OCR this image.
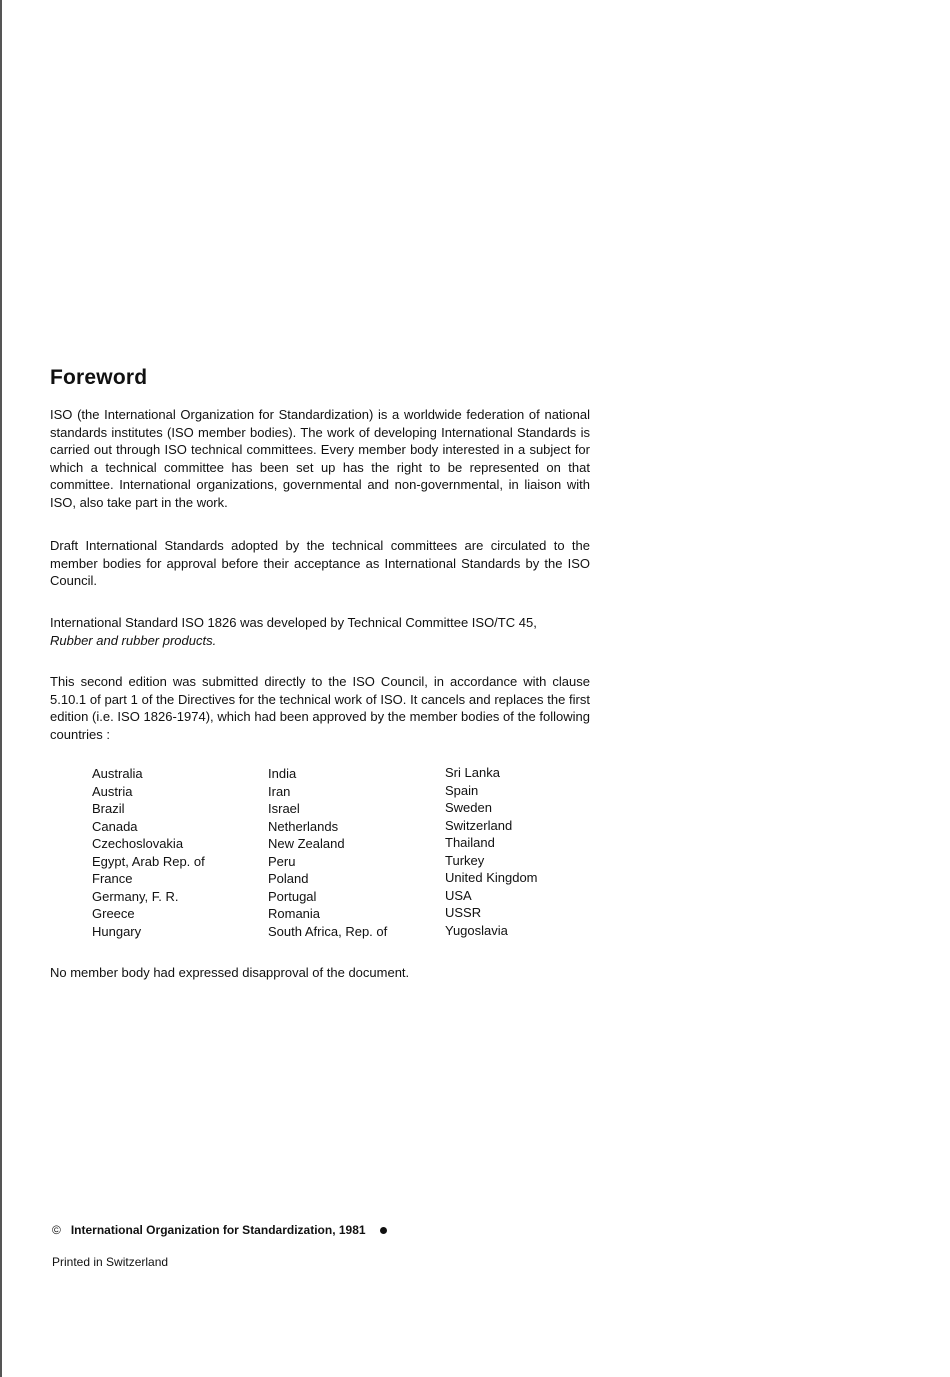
Foreword

ISO (the International Organization for Standardization) is a worldwide federation of national standards institutes (ISO member bodies). The work of developing International Standards is carried out through ISO technical committees. Every member body interested in a subject for which a technical committee has been set up has the right to be represented on that committee. International organizations, governmental and non-governmental, in liaison with ISO, also take part in the work.

Draft International Standards adopted by the technical committees are circulated to the member bodies for approval before their acceptance as International Standards by the ISO Council.

International Standard ISO 1826 was developed by Technical Committee ISO/TC 45,
Rubber and rubber products.

This second edition was submitted directly to the ISO Council, in accordance with clause 5.10.1 of part 1 of the Directives for the technical work of ISO. It cancels and replaces the first edition (i.e. ISO 1826-1974), which had been approved by the member bodies of the following countries :

Australia
Austria
Brazil
Canada
Czechoslovakia
Egypt, Arab Rep. of
France
Germany, F. R.
Greece
Hungary
India
Iran
Israel
Netherlands
New Zealand
Peru
Poland
Portugal
Romania
South Africa, Rep. of
Sri Lanka
Spain
Sweden
Switzerland
Thailand
Turkey
United Kingdom
USA
USSR
Yugoslavia

No member body had expressed disapproval of the document.

© International Organization for Standardization, 1981
Printed in Switzerland
